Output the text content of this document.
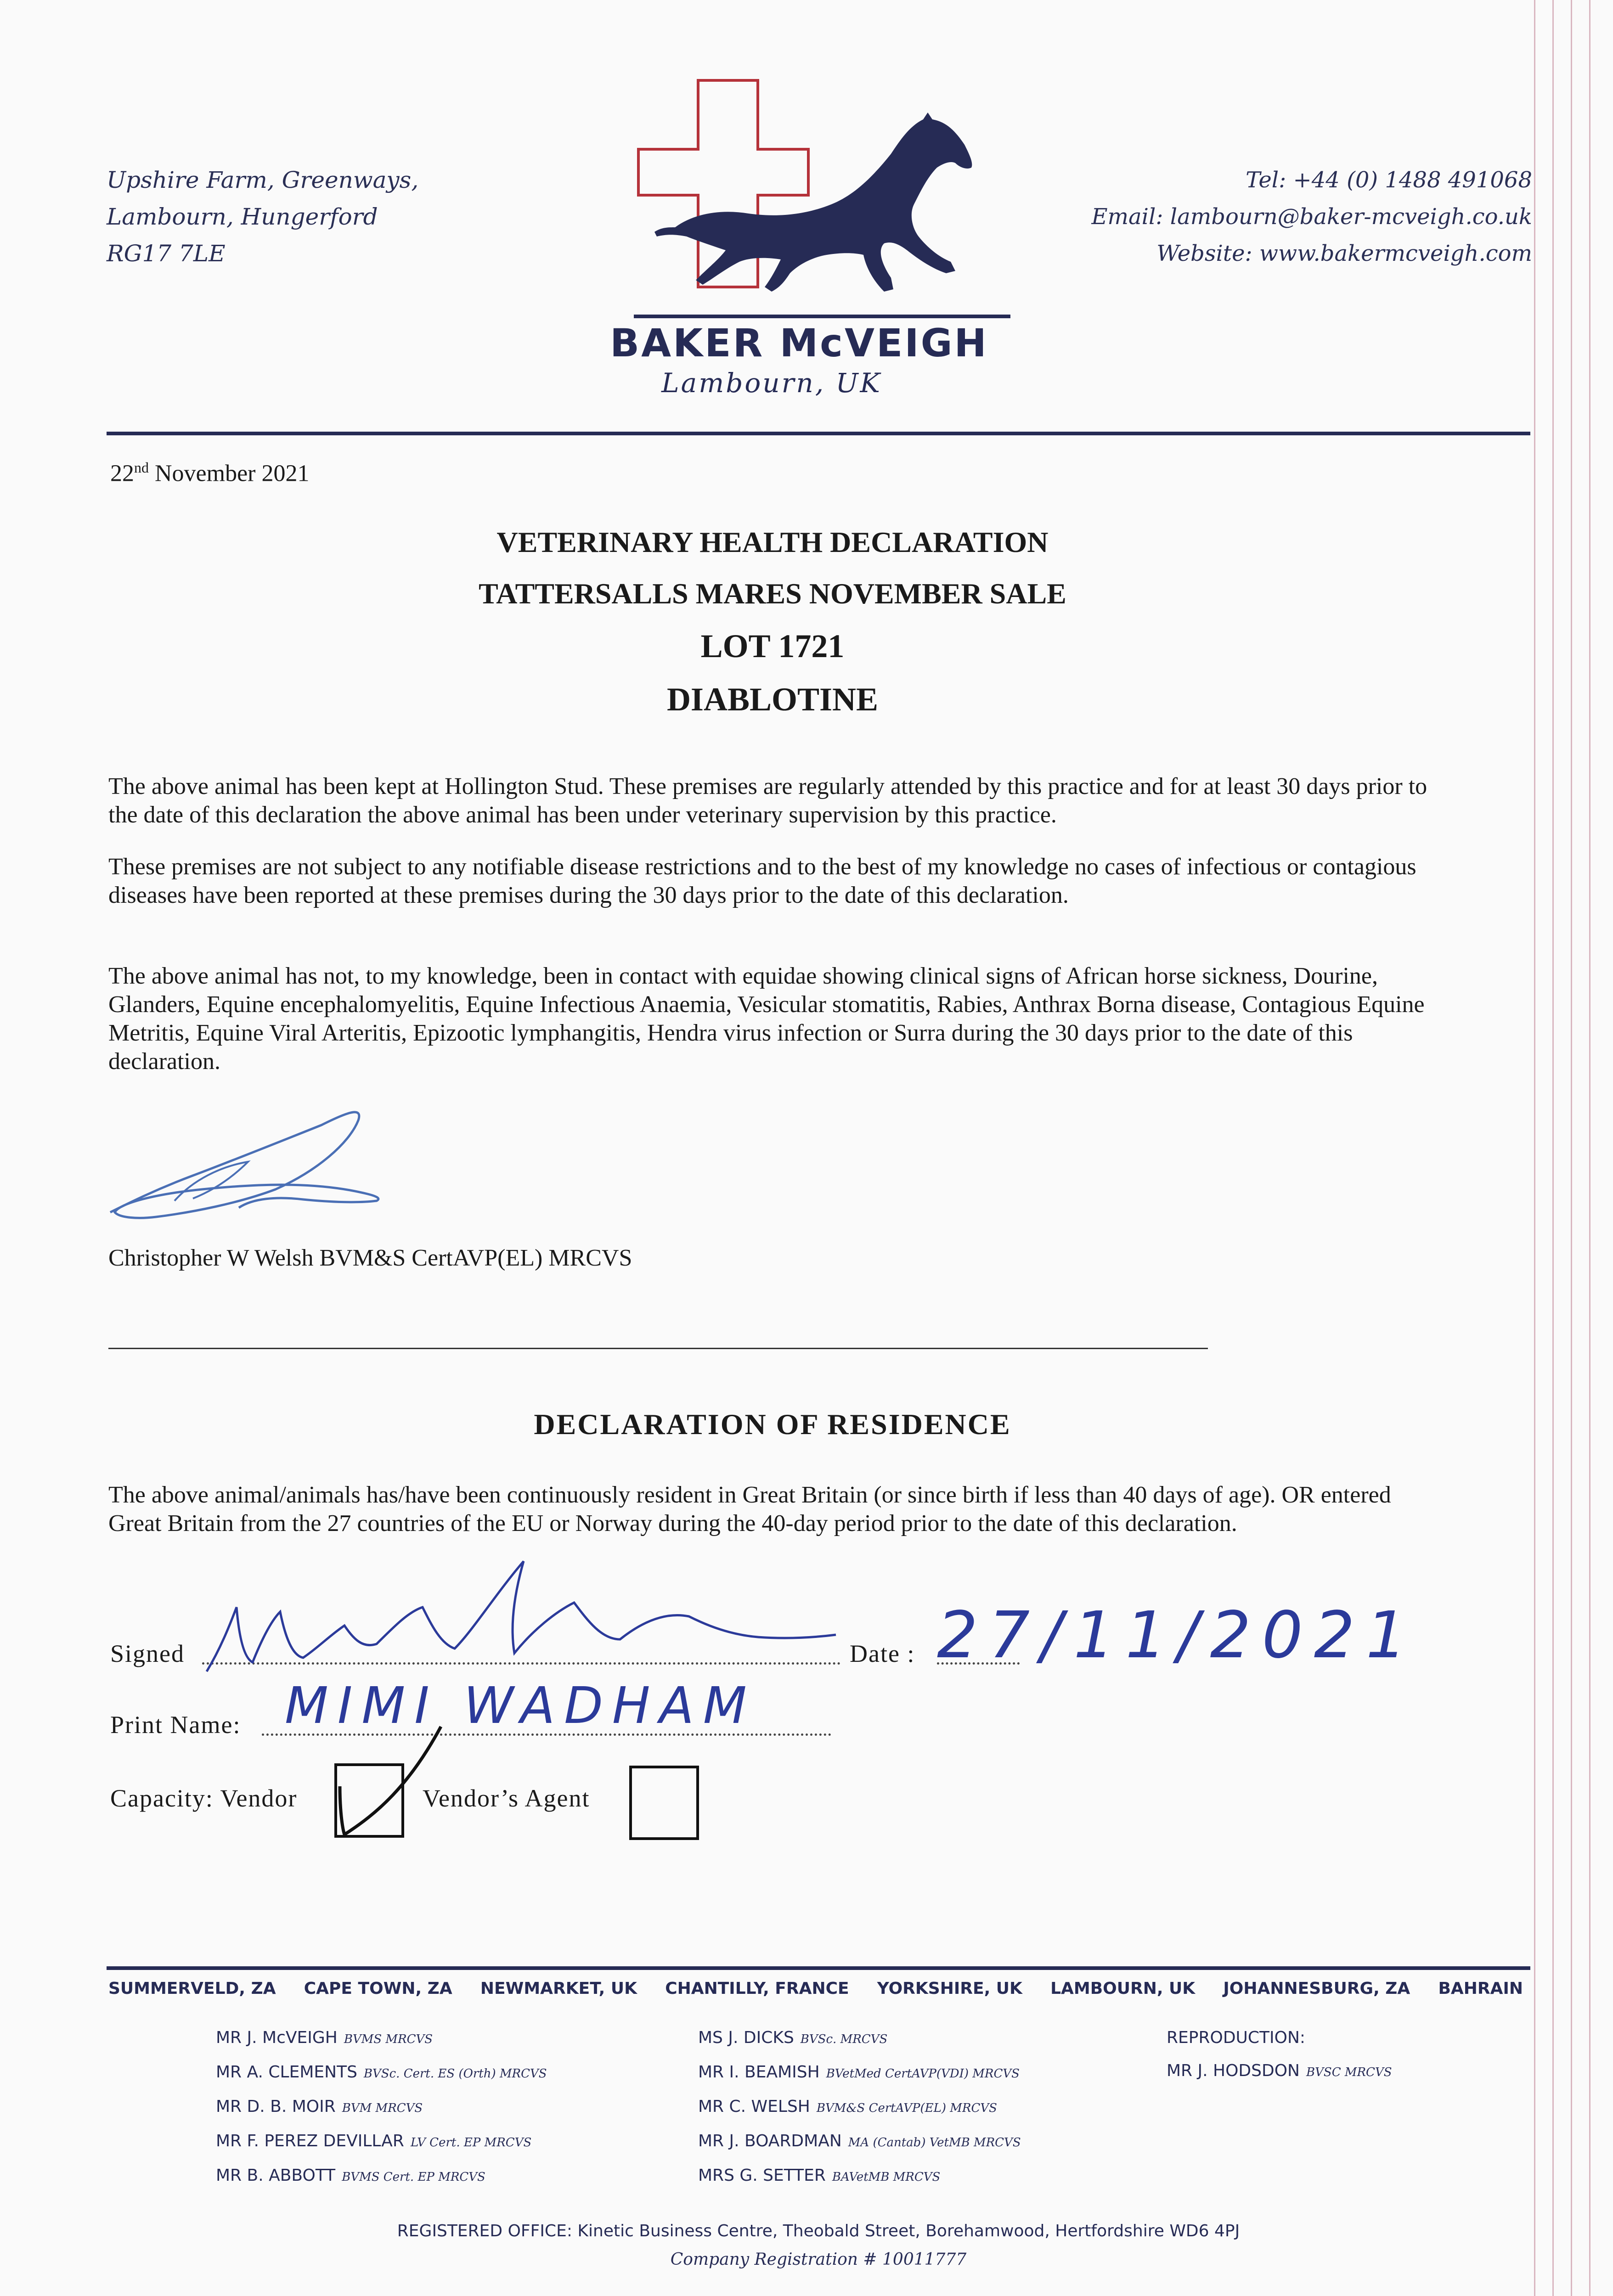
Upshire Farm, Greenways,
Lambourn, Hungerford
RG17 7LE
Tel: +44 (0) 1488 491068
Email: lambourn@baker-mcveigh.co.uk
Website: www.bakermcveigh.com
BAKER McVEIGH
Lambourn, UK
22nd November 2021
VETERINARY HEALTH DECLARATION
TATTERSALLS MARES NOVEMBER SALE
LOT 1721
DIABLOTINE
The above animal has been kept at Hollington Stud. These premises are regularly attended by this practice and for at least 30 days prior to the date of this declaration the above animal has been under veterinary supervision by this practice.
These premises are not subject to any notifiable disease restrictions and to the best of my knowledge no cases of infectious or contagious diseases have been reported at these premises during the 30 days prior to the date of this declaration.
The above animal has not, to my knowledge, been in contact with equidae showing clinical signs of African horse sickness, Dourine, Glanders, Equine encephalomyelitis, Equine Infectious Anaemia, Vesicular stomatitis, Rabies, Anthrax Borna disease, Contagious Equine Metritis, Equine Viral Arteritis, Epizootic lymphangitis, Hendra virus infection or Surra during the 30 days prior to the date of this declaration.
Christopher W Welsh BVM&S CertAVP(EL) MRCVS
DECLARATION OF RESIDENCE
The above animal/animals has/have been continuously resident in Great Britain (or since birth if less than 40 days of age). OR entered Great Britain from the 27 countries of the EU or Norway during the 40-day period prior to the date of this declaration.
Signed	Date : 27/11/2021
Print Name: MIMI WADHAM
Capacity: Vendor	Vendor’s Agent
SUMMERVELD, ZA CAPE TOWN, ZA NEWMARKET, UK CHANTILLY, FRANCE YORKSHIRE, UK LAMBOURN, UK JOHANNESBURG, ZA BAHRAIN
MR J. McVEIGH BVMS MRCVS
MR A. CLEMENTS BVSc. Cert. ES (Orth) MRCVS
MR D. B. MOIR BVM MRCVS
MR F. PEREZ DEVILLAR LV Cert. EP MRCVS
MR B. ABBOTT BVMS Cert. EP MRCVS
MS J. DICKS BVSc. MRCVS
MR I. BEAMISH BVetMed CertAVP(VDI) MRCVS
MR C. WELSH BVM&S CertAVP(EL) MRCVS
MR J. BOARDMAN MA (Cantab) VetMB MRCVS
MRS G. SETTER BAVetMB MRCVS
REPRODUCTION:
MR J. HODSDON BVSC MRCVS
REGISTERED OFFICE: Kinetic Business Centre, Theobald Street, Borehamwood, Hertfordshire WD6 4PJ
Company Registration # 10011777
